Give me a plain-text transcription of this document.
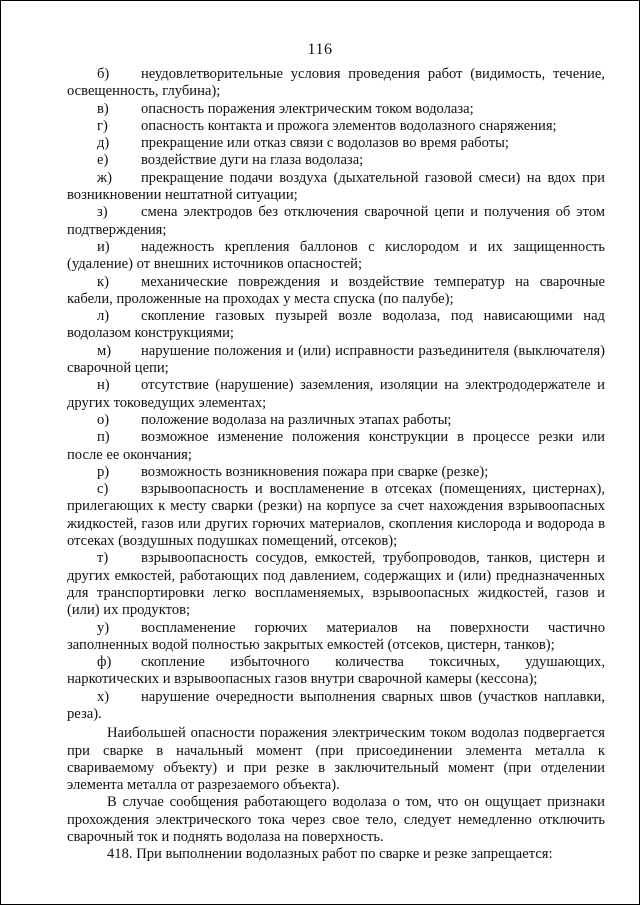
116

б) неудовлетворительные условия проведения работ (видимость, течение, освещенность, глубина);

в) опасность поражения электрическим током водолаза;

г) опасность контакта и прожога элементов водолазного снаряжения;

д) прекращение или отказ связи с водолазов во время работы;

е) воздействие дуги на глаза водолаза;

ж) прекращение подачи воздуха (дыхательной газовой смеси) на вдох при возникновении нештатной ситуации;

з) смена электродов без отключения сварочной цепи и получения об этом подтверждения;

и) надежность крепления баллонов с кислородом и их защищенность (удаление) от внешних источников опасностей;

к) механические повреждения и воздействие температур на сварочные кабели, проложенные на проходах у места спуска (по палубе);

л) скопление газовых пузырей возле водолаза, под нависающими над водолазом конструкциями;

м) нарушение положения и (или) исправности разъединителя (выключателя) сварочной цепи;

н) отсутствие (нарушение) заземления, изоляции на электрододержателе и других токоведущих элементах;

о) положение водолаза на различных этапах работы;

п) возможное изменение положения конструкции в процессе резки или после ее окончания;

р) возможность возникновения пожара при сварке (резке);

с) взрывоопасность и воспламенение в отсеках (помещениях, цистернах), прилегающих к месту сварки (резки) на корпусе за счет нахождения взрывоопасных жидкостей, газов или других горючих материалов, скопления кислорода и водорода в отсеках (воздушных подушках помещений, отсеков);

т) взрывоопасность сосудов, емкостей, трубопроводов, танков, цистерн и других емкостей, работающих под давлением, содержащих и (или) предназначенных для транспортировки легко воспламеняемых, взрывоопасных жидкостей, газов и (или) их продуктов;

у) воспламенение горючих материалов на поверхности частично заполненных водой полностью закрытых емкостей (отсеков, цистерн, танков);

ф) скопление избыточного количества токсичных, удушающих, наркотических и взрывоопасных газов внутри сварочной камеры (кессона);

х) нарушение очередности выполнения сварных швов (участков наплавки, реза).

Наибольшей опасности поражения электрическим током водолаз подвергается при сварке в начальный момент (при присоединении элемента металла к свариваемому объекту) и при резке в заключительный момент (при отделении элемента металла от разрезаемого объекта).

В случае сообщения работающего водолаза о том, что он ощущает признаки прохождения электрического тока через свое тело, следует немедленно отключить сварочный ток и поднять водолаза на поверхность.

418. При выполнении водолазных работ по сварке и резке запрещается:
